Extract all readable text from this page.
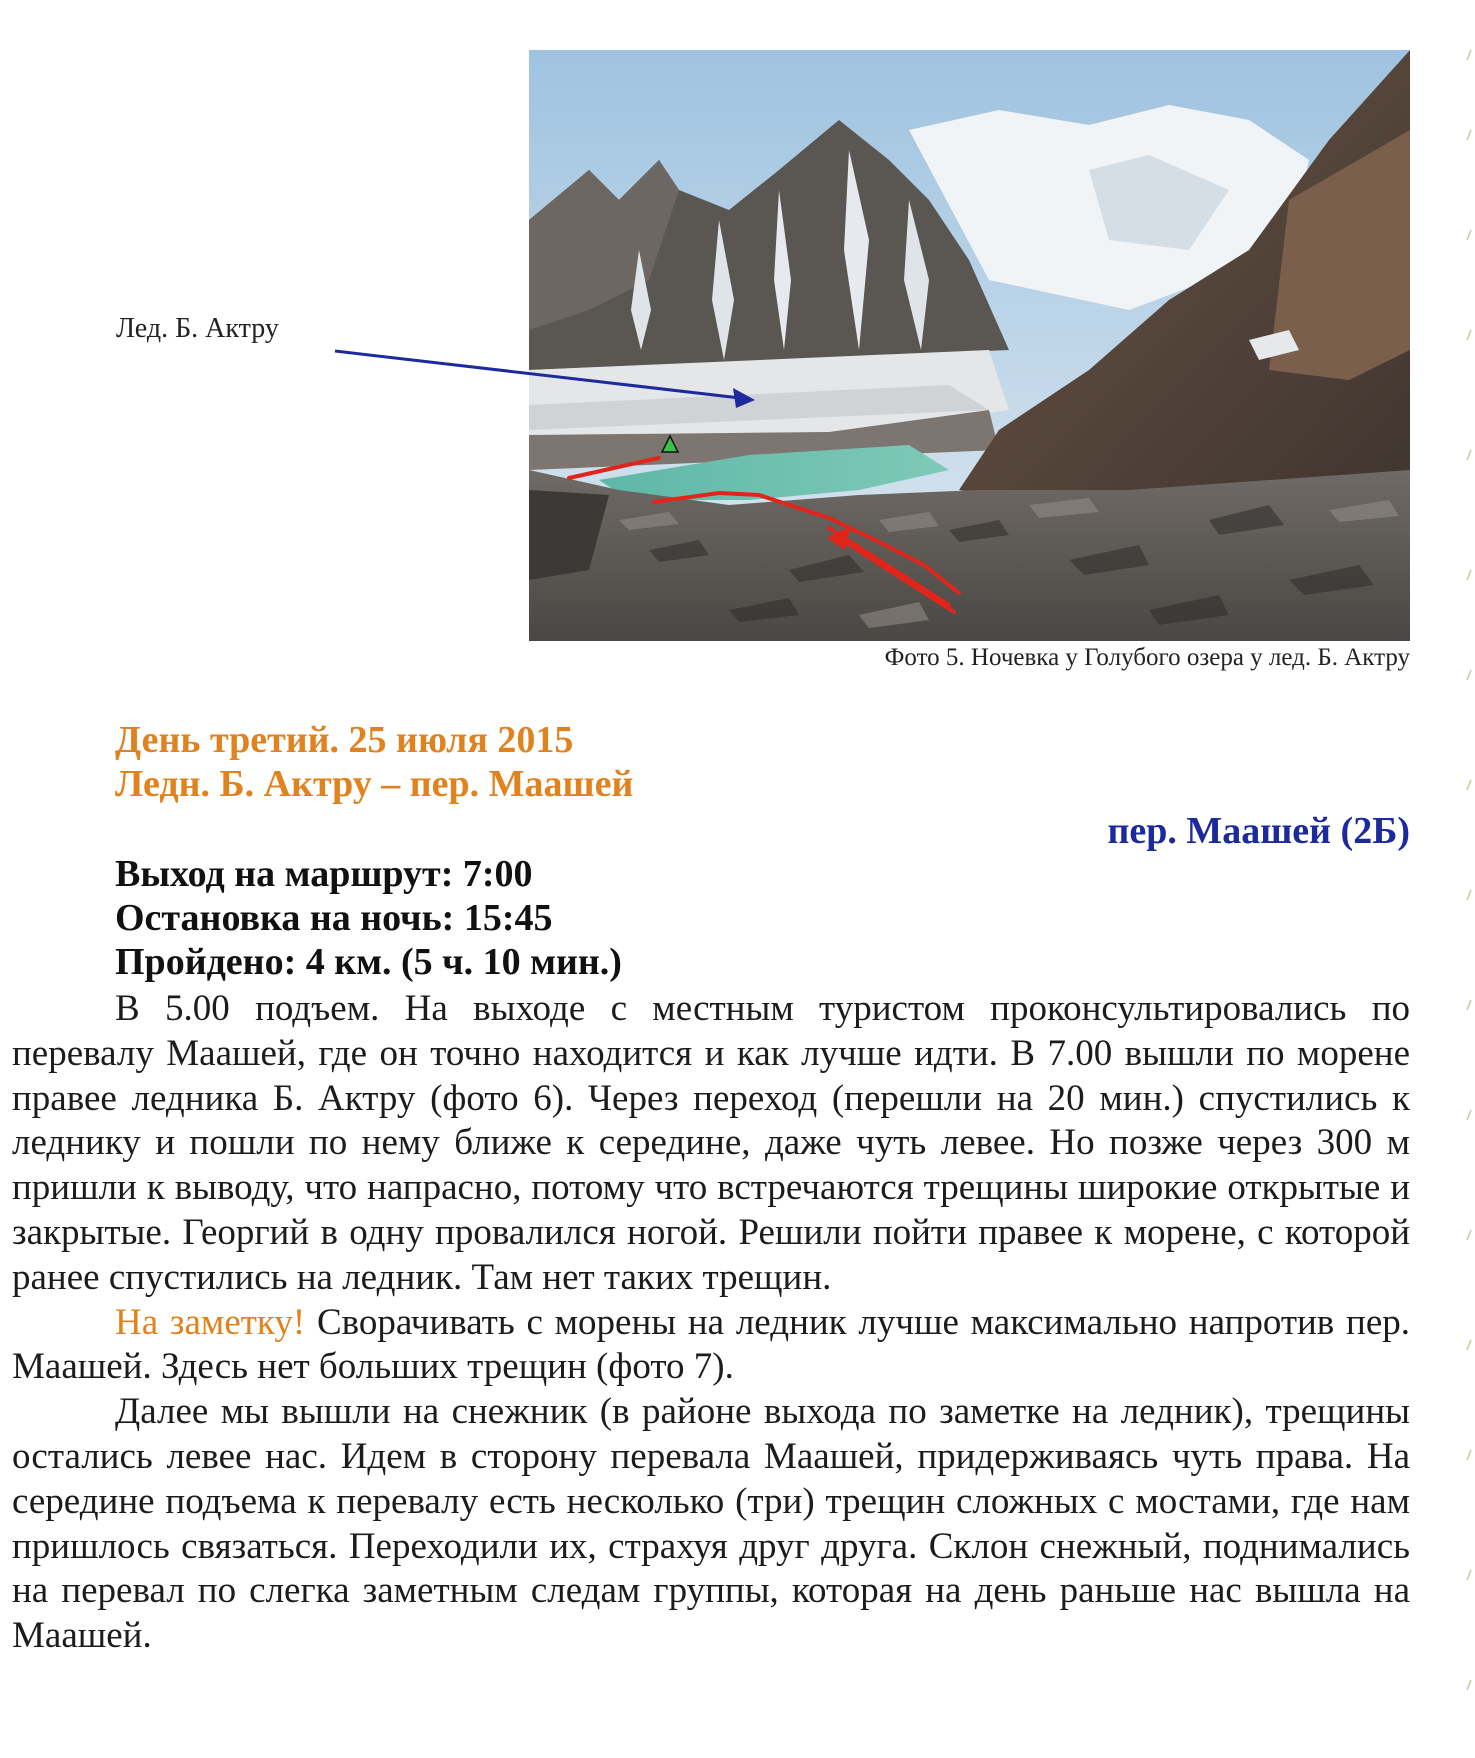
Лед. Б. Актру
Фото 5. Ночевка у Голубого озера у лед. Б. Актру
День третий. 25 июля 2015
Ледн. Б. Актру – пер. Маашей
пер. Маашей (2Б)
Выход на маршрут: 7:00
Остановка на ночь: 15:45
Пройдено: 4 км. (5 ч. 10 мин.)

В 5.00 подъем. На выходе с местным туристом проконсультировались по перевалу Маашей, где он точно находится и как лучше идти. В 7.00 вышли по морене правее ледника Б. Актру (фото 6). Через переход (перешли на 20 мин.) спустились к леднику и пошли по нему ближе к середине, даже чуть левее. Но позже через 300 м пришли к выводу, что напрасно, потому что встречаются трещины широкие открытые и закрытые. Георгий в одну провалился ногой. Решили пойти правее к морене, с которой ранее спустились на ледник. Там нет таких трещин.

На заметку! Сворачивать с морены на ледник лучше максимально напротив пер. Маашей. Здесь нет больших трещин (фото 7).

Далее мы вышли на снежник (в районе выхода по заметке на ледник), трещины остались левее нас. Идем в сторону перевала Маашей, придерживаясь чуть права. На середине подъема к перевалу есть несколько (три) трещин сложных с мостами, где нам пришлось связаться. Переходили их, страхуя друг друга. Склон снежный, поднимались на перевал по слегка заметным следам группы, которая на день раньше нас вышла на Маашей.
